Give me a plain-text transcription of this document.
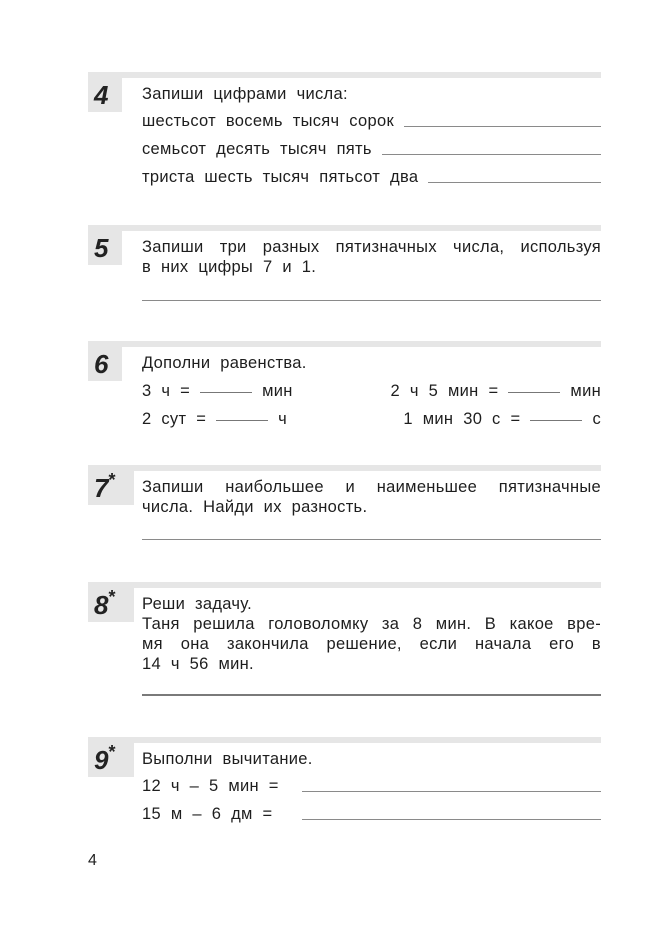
4	Запиши цифрами числа:
шестьсот восемь тысяч сорок
семьсот десять тысяч пять
триста шесть тысяч пятьсот два
5	Запиши три разных пятизначных числа, используя
в них цифры 7 и 1.
6	Дополни равенства.
3 ч =	мин	2 ч 5 мин =	мин
2 сут =	ч	1 мин 30 с =	с
7*	Запиши наибольшее и наименьшее пятизначные
числа. Найди их разность.
8*	Реши задачу.
Таня решила головоломку за 8 мин. В какое вре-
мя она закончила решение, если начала его в
14 ч 56 мин.
9*	Выполни вычитание.
12 ч – 5 мин =
15 м – 6 дм =
4
